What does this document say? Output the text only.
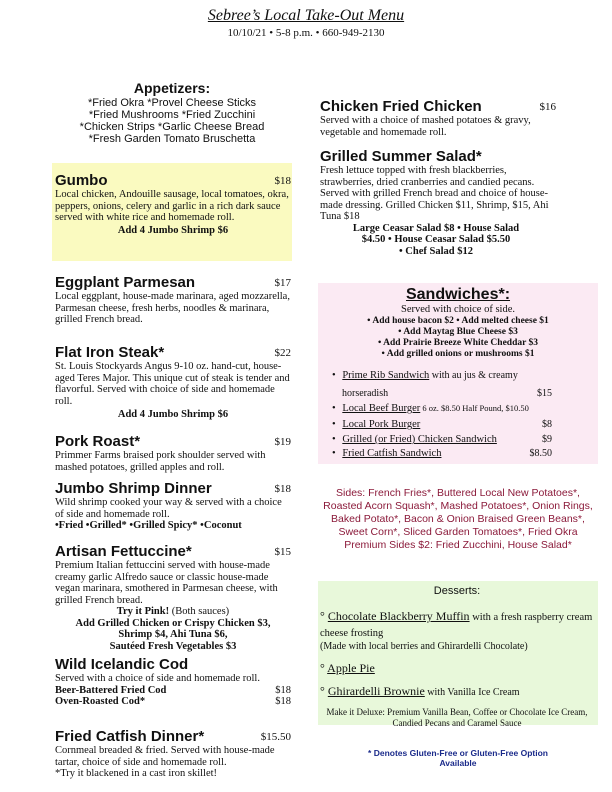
Sebree’s Local Take-Out Menu
10/10/21 • 5-8 p.m. • 660-949-2130
Appetizers:
*Fried Okra *Provel Cheese Sticks
*Fried Mushrooms *Fried Zucchini
*Chicken Strips *Garlic Cheese Bread
*Fresh Garden Tomato Bruschetta
Gumbo	$18
Local chicken, Andouille sausage, local tomatoes, okra, peppers, onions, celery and garlic in a rich dark sauce served with white rice and homemade roll.
Add 4 Jumbo Shrimp $6
Eggplant Parmesan	$17
Local eggplant, house-made marinara, aged mozzarella, Parmesan cheese, fresh herbs, noodles & marinara, grilled French bread.
Flat Iron Steak*	$22
St. Louis Stockyards Angus 9-10 oz. hand-cut, house-aged Teres Major. This unique cut of steak is tender and flavorful. Served with choice of side and homemade roll.
Add 4 Jumbo Shrimp $6
Pork Roast*	$19
Primmer Farms braised pork shoulder served with mashed potatoes, grilled apples and roll.
Jumbo Shrimp Dinner	$18
Wild shrimp cooked your way & served with a choice of side and homemade roll.
•Fried •Grilled* •Grilled Spicy* •Coconut
Artisan Fettuccine*	$15
Premium Italian fettuccini served with house-made creamy garlic Alfredo sauce or classic house-made vegan marinara, smothered in Parmesan cheese, with grilled French bread.
Try it Pink! (Both sauces)
Add Grilled Chicken or Crispy Chicken $3,
Shrimp $4, Ahi Tuna $6,
Sautéed Fresh Vegetables $3
Wild Icelandic Cod
Served with a choice of side and homemade roll.
Beer-Battered Fried Cod	$18
Oven-Roasted Cod*	$18
Fried Catfish Dinner*	$15.50
Cornmeal breaded & fried. Served with house-made tartar, choice of side and homemade roll.
*Try it blackened in a cast iron skillet!
Chicken Fried Chicken	$16
Served with a choice of mashed potatoes & gravy, vegetable and homemade roll.
Grilled Summer Salad*
Fresh lettuce topped with fresh blackberries, strawberries, dried cranberries and candied pecans. Served with grilled French bread and choice of house-made dressing. Grilled Chicken $11, Shrimp, $15, Ahi Tuna $18
Large Ceasar Salad $8 • House Salad
$4.50 • House Ceasar Salad $5.50
• Chef Salad $12
Sandwiches*:
Served with choice of side.
• Add house bacon $2 • Add melted cheese $1
• Add Maytag Blue Cheese $3
• Add Prairie Breeze White Cheddar $3
• Add grilled onions or mushrooms $1
• Prime Rib Sandwich with au jus & creamy
horseradish	$15
• Local Beef Burger 6 oz. $8.50 Half Pound, $10.50
• Local Pork Burger	$8
• Grilled (or Fried) Chicken Sandwich	$9
• Fried Catfish Sandwich	$8.50
Sides: French Fries*, Buttered Local New Potatoes*, Roasted Acorn Squash*, Mashed Potatoes*, Onion Rings, Baked Potato*, Bacon & Onion Braised Green Beans*, Sweet Corn*, Sliced Garden Tomatoes*, Fried Okra
Premium Sides $2: Fried Zucchini, House Salad*
Desserts:
° Chocolate Blackberry Muffin with a fresh raspberry cream cheese frosting
(Made with local berries and Ghirardelli Chocolate)
° Apple Pie
° Ghirardelli Brownie with Vanilla Ice Cream
Make it Deluxe: Premium Vanilla Bean, Coffee or Chocolate Ice Cream, Candied Pecans and Caramel Sauce
* Denotes Gluten-Free or Gluten-Free Option
Available
